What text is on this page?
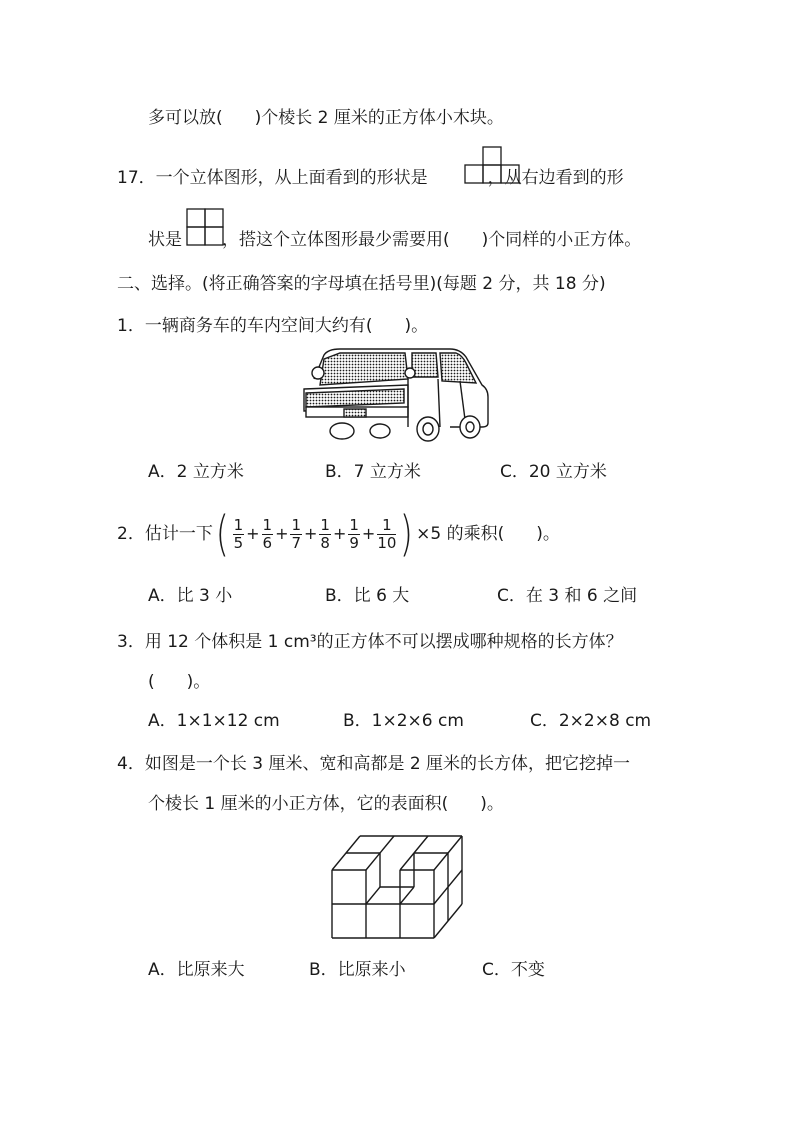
多可以放( )个棱长 2 厘米的正方体小木块。
17．一个立体图形，从上面看到的形状是	，从右边看到的形
状是 ，搭这个立体图形最少需要用( )个同样的小正方体。
二、选择。(将正确答案的字母填在括号里)(每题 2 分，共 18 分)
1．一辆商务车的车内空间大约有( )。
A．2 立方米	B．7 立方米	C．20 立方米
2．估计一下( $\frac{1}{5} + \frac{1}{6} + \frac{1}{7} + \frac{1}{8} + \frac{1}{9} + \frac{1}{10}$ ) ×5 的乘积( )。
A．比 3 小	B．比 6 大	C．在 3 和 6 之间
3．用 12 个体积是 1 cm³的正方体不可以摆成哪种规格的长方体？
( )。
A．1×1×12 cm	B．1×2×6 cm	C．2×2×8 cm
4．如图是一个长 3 厘米、宽和高都是 2 厘米的长方体，把它挖掉一
个棱长 1 厘米的小正方体，它的表面积( )。
A．比原来大	B．比原来小	C．不变
